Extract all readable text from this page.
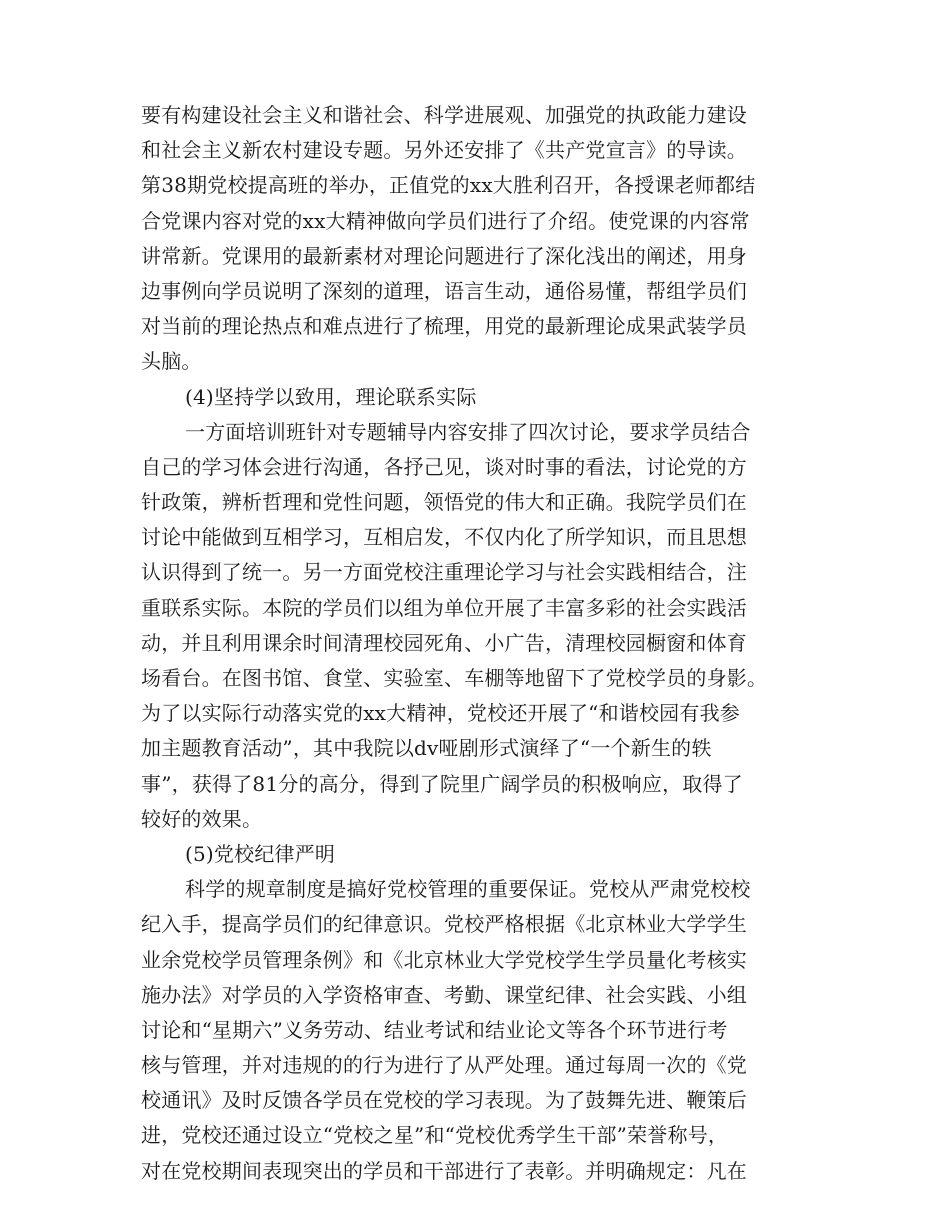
要有构建设社会主义和谐社会、科学进展观、加强党的执政能力建设
和社会主义新农村建设专题。另外还安排了《共产党宣言》的导读。
第38期党校提高班的举办，正值党的xx大胜利召开，各授课老师都结
合党课内容对党的xx大精神做向学员们进行了介绍。使党课的内容常
讲常新。党课用的最新素材对理论问题进行了深化浅出的阐述，用身
边事例向学员说明了深刻的道理，语言生动，通俗易懂，帮组学员们
对当前的理论热点和难点进行了梳理，用党的最新理论成果武装学员
头脑。
(4)坚持学以致用，理论联系实际
一方面培训班针对专题辅导内容安排了四次讨论，要求学员结合
自己的学习体会进行沟通，各抒己见，谈对时事的看法，讨论党的方
针政策，辨析哲理和党性问题，领悟党的伟大和正确。我院学员们在
讨论中能做到互相学习，互相启发，不仅内化了所学知识，而且思想
认识得到了统一。另一方面党校注重理论学习与社会实践相结合，注
重联系实际。本院的学员们以组为单位开展了丰富多彩的社会实践活
动，并且利用课余时间清理校园死角、小广告，清理校园橱窗和体育
场看台。在图书馆、食堂、实验室、车棚等地留下了党校学员的身影。
为了以实际行动落实党的xx大精神，党校还开展了“和谐校园有我参
加主题教育活动”，其中我院以dv哑剧形式演绎了“一个新生的轶
事”，获得了81分的高分，得到了院里广阔学员的积极响应，取得了
较好的效果。
(5)党校纪律严明
科学的规章制度是搞好党校管理的重要保证。党校从严肃党校校
纪入手，提高学员们的纪律意识。党校严格根据《北京林业大学学生
业余党校学员管理条例》和《北京林业大学党校学生学员量化考核实
施办法》对学员的入学资格审查、考勤、课堂纪律、社会实践、小组
讨论和“星期六”义务劳动、结业考试和结业论文等各个环节进行考
核与管理，并对违规的的行为进行了从严处理。通过每周一次的《党
校通讯》及时反馈各学员在党校的学习表现。为了鼓舞先进、鞭策后
进，党校还通过设立“党校之星”和“党校优秀学生干部”荣誉称号，
对在党校期间表现突出的学员和干部进行了表彰。并明确规定：凡在
